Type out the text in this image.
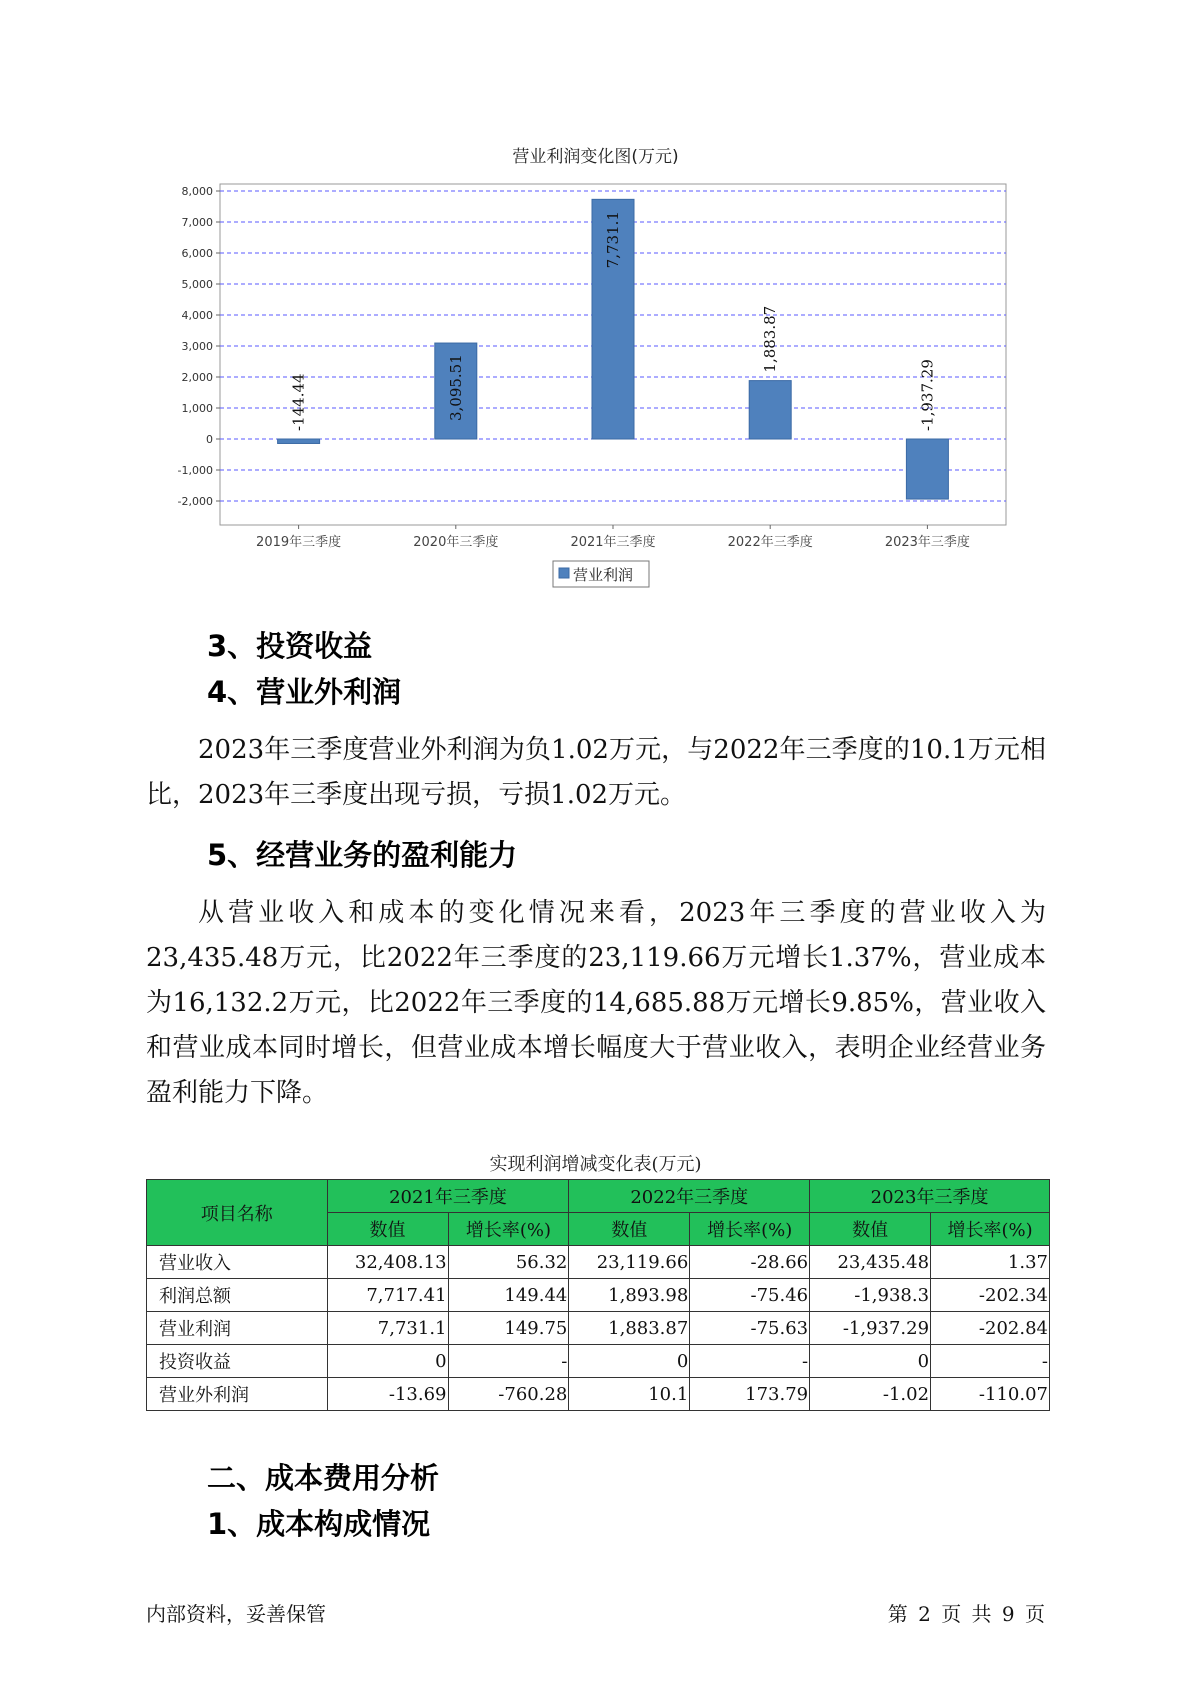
营业利润变化图(万元)
8,000
7,000
6,000
5,000
4,000
3,000
2,000
1,000
0
-1,000
-2,000
-144.44
2019年三季度
3,095.51
2020年三季度
7,731.1
2021年三季度
1,883.87
2022年三季度
-1,937.29
2023年三季度
营业利润
3、投资收益
4、营业外利润
2023年三季度营业外利润为负1.02万元，与2022年三季度的10.1万元相比，2023年三季度出现亏损，亏损1.02万元。
5、经营业务的盈利能力
从营业收入和成本的变化情况来看，2023年三季度的营业收入为23,435.48万元，比2022年三季度的23,119.66万元增长1.37%，营业成本为16,132.2万元，比2022年三季度的14,685.88万元增长9.85%，营业收入和营业成本同时增长，但营业成本增长幅度大于营业收入，表明企业经营业务盈利能力下降。
实现利润增减变化表(万元)
项目名称	2021年三季度		2022年三季度		2023年三季度	
	数值	增长率(%)	数值	增长率(%)	数值	增长率(%)
营业收入	32,408.13	56.32	23,119.66	-28.66	23,435.48	1.37
利润总额	7,717.41	149.44	1,893.98	-75.46	-1,938.3	-202.34
营业利润	7,731.1	149.75	1,883.87	-75.63	-1,937.29	-202.84
投资收益	0	-	0	-	0	-
营业外利润	-13.69	-760.28	10.1	173.79	-1.02	-110.07
二、成本费用分析
1、成本构成情况
内部资料，妥善保管	第 2 页 共 9 页
